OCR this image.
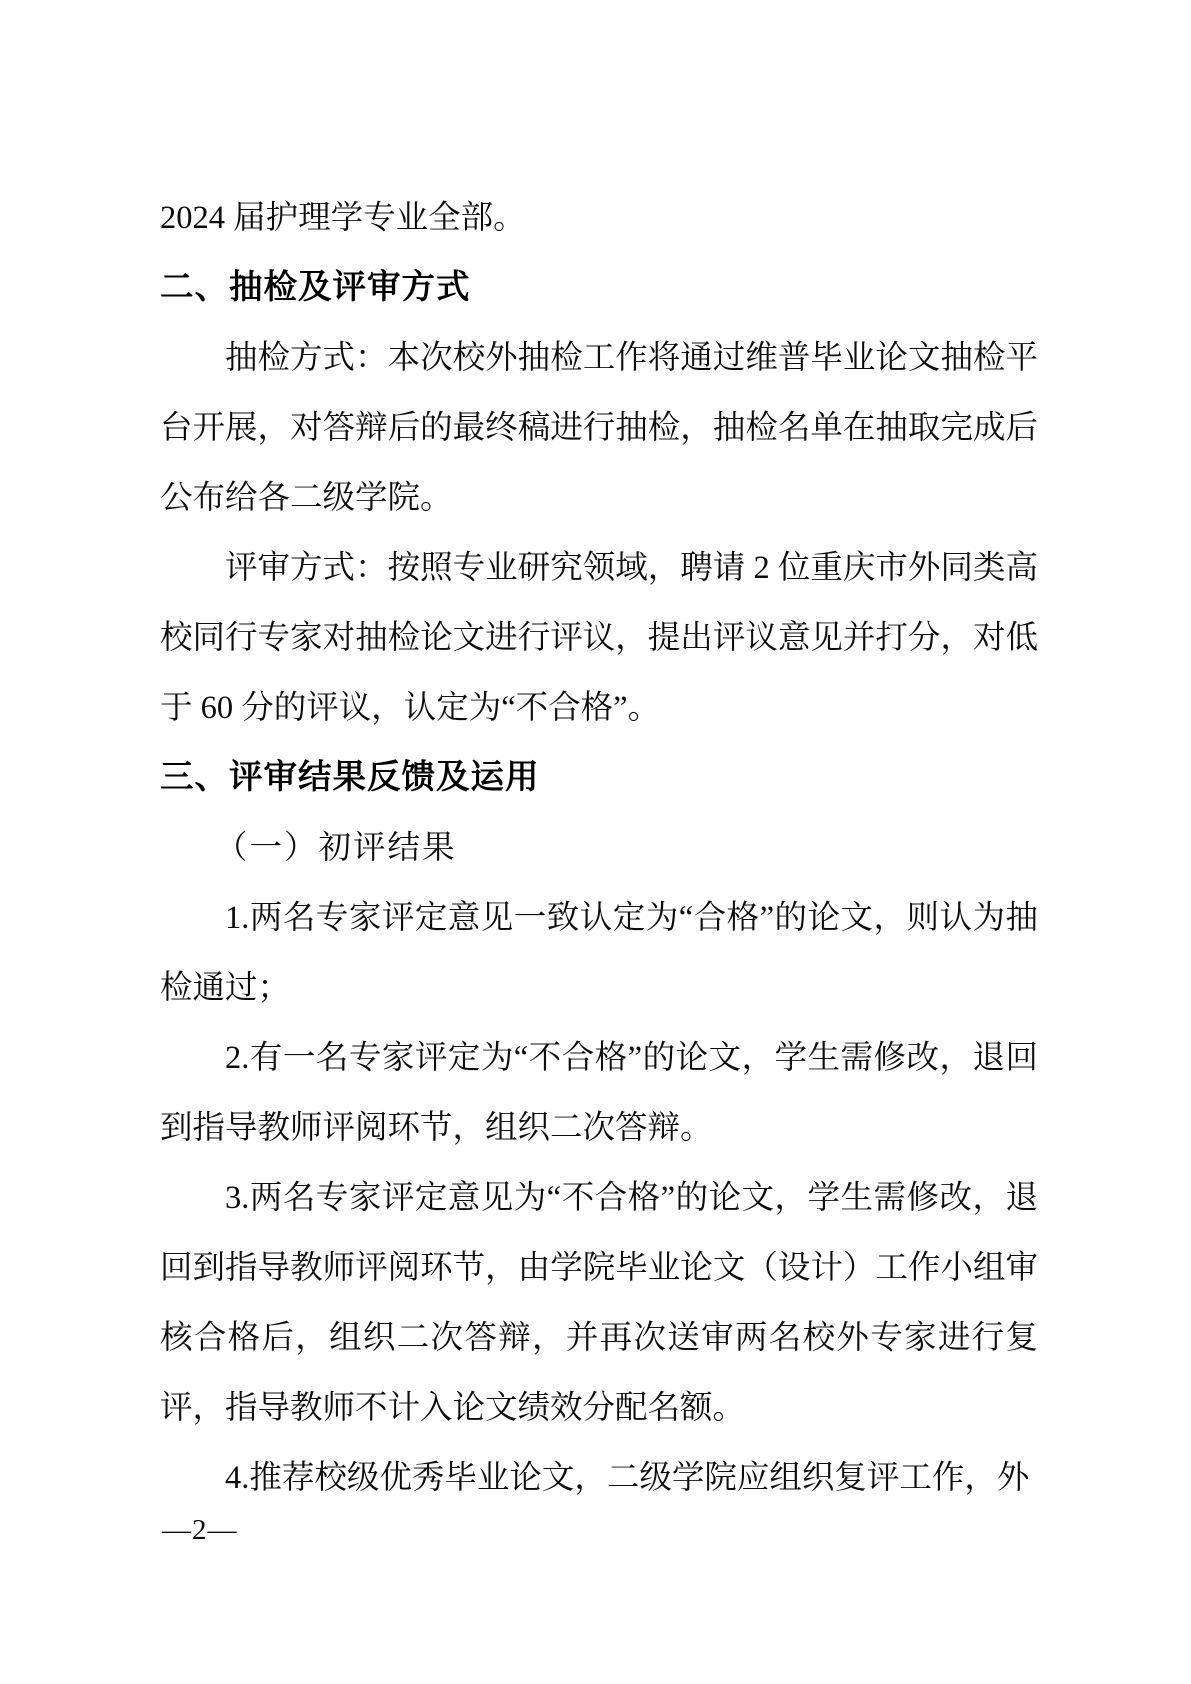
2024 届护理学专业全部。

二、抽检及评审方式

抽检方式：本次校外抽检工作将通过维普毕业论文抽检平台开展，对答辩后的最终稿进行抽检，抽检名单在抽取完成后公布给各二级学院。

评审方式：按照专业研究领域，聘请 2 位重庆市外同类高校同行专家对抽检论文进行评议，提出评议意见并打分，对低于 60 分的评议，认定为“不合格”。

三、评审结果反馈及运用

（一）初评结果

1.两名专家评定意见一致认定为“合格”的论文，则认为抽检通过；

2.有一名专家评定为“不合格”的论文，学生需修改，退回到指导教师评阅环节，组织二次答辩。

3.两名专家评定意见为“不合格”的论文，学生需修改，退回到指导教师评阅环节，由学院毕业论文（设计）工作小组审核合格后，组织二次答辩，并再次送审两名校外专家进行复评，指导教师不计入论文绩效分配名额。

4.推荐校级优秀毕业论文，二级学院应组织复评工作，外

—2—
